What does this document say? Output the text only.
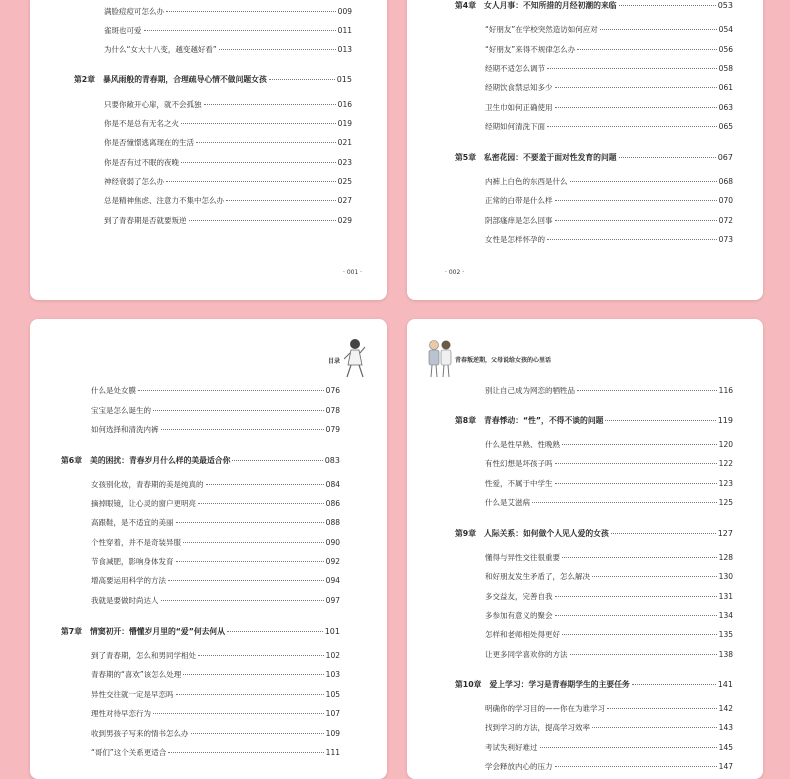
· 001 ·
满脸痘痘可怎么办	009
雀斑也可爱	011
为什么“女大十八变，越变越好看”	013
第2章 暴风雨般的青春期，合理疏导心情不做问题女孩	015
只要你敞开心扉，就不会孤独	016
你是不是总有无名之火	019
你是否憧憬逃离现在的生活	021
你是否有过不眠的夜晚	023
神经衰弱了怎么办	025
总是精神焦虑、注意力不集中怎么办	027
到了青春期是否就要叛逆	029
· 002 ·
第4章 女人月事：不知所措的月经初潮的来临	053
“好朋友”在学校突然造访如何应对	054
“好朋友”来得不规律怎么办	056
经期不适怎么调节	058
经期饮食禁忌知多少	061
卫生巾如何正确使用	063
经期如何清洗下面	065
第5章 私密花园：不要羞于面对性发育的问题	067
内裤上白色的东西是什么	068
正常的白带是什么样	070
阴部瘙痒是怎么回事	072
女性是怎样怀孕的	073
目录
什么是处女膜	076
宝宝是怎么诞生的	078
如何选择和清洗内裤	079
第6章 美的困扰：青春岁月什么样的美最适合你	083
女孩别化妆，青春期的美是纯真的	084
摘掉眼镜，让心灵的窗户更明亮	086
高跟鞋，是不适宜的美丽	088
个性穿着，并不是奇装异服	090
节食减肥，影响身体发育	092
增高要运用科学的方法	094
我就是要做时尚达人	097
第7章 情窦初开：懵懂岁月里的“爱”何去何从	101
到了青春期，怎么和男同学相处	102
青春期的“喜欢”该怎么处理	103
异性交往就一定是早恋吗	105
理性对待早恋行为	107
收到男孩子写来的情书怎么办	109
“哥们”这个关系更适合	111
青春叛逆期，父母说给女孩的心里话
别让自己成为网恋的牺牲品	116
第8章 青春悸动：“性”，不得不谈的问题	119
什么是性早熟、性晚熟	120
有性幻想是坏孩子吗	122
性爱，不属于中学生	123
什么是艾滋病	125
第9章 人际关系：如何做个人见人爱的女孩	127
懂得与异性交往很重要	128
和好朋友发生矛盾了，怎么解决	130
多交益友，完善自我	131
多参加有意义的聚会	134
怎样和老师相处得更好	135
让更多同学喜欢你的方法	138
第10章 爱上学习：学习是青春期学生的主要任务	141
明确你的学习目的——你在为谁学习	142
找到学习的方法，提高学习效率	143
考试失利好难过	145
学会释放内心的压力	147
